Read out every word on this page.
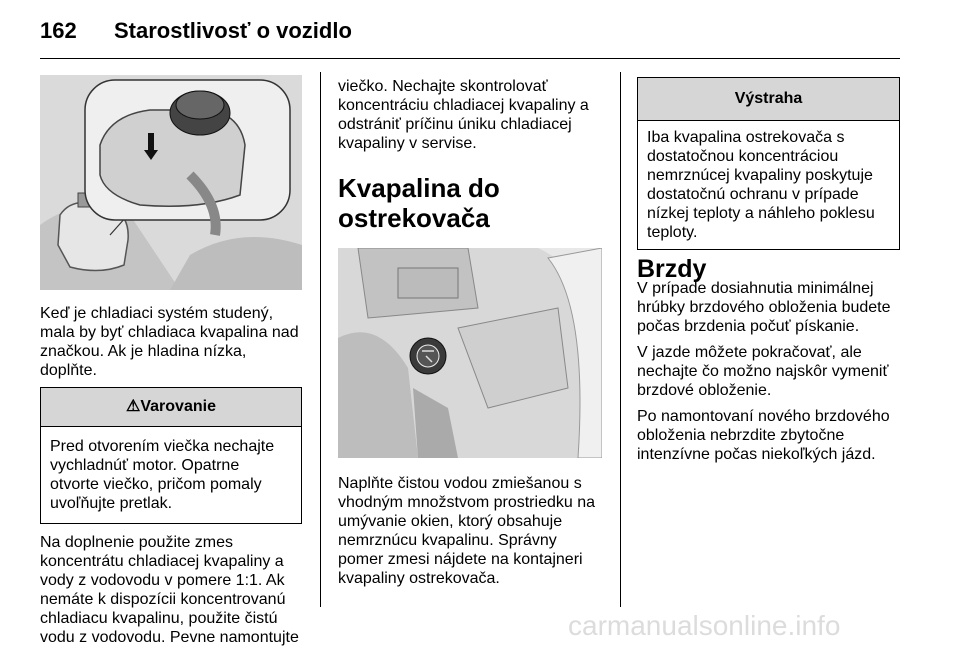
162 Starostlivosť o vozidlo

Keď je chladiaci systém studený, mala by byť chladiaca kvapalina nad značkou. Ak je hladina nízka, doplňte.

⚠Varovanie
Pred otvorením viečka nechajte vychladnúť motor. Opatrne otvorte viečko, pričom pomaly uvoľňujte pretlak.

Na doplnenie použite zmes koncentrátu chladiacej kvapaliny a vody z vodovodu v pomere 1:1. Ak nemáte k dispozícii koncentrovanú chladiacu kvapalinu, použite čistú vodu z vodovodu. Pevne namontujte

viečko. Nechajte skontrolovať koncentráciu chladiacej kvapaliny a odstrániť príčinu úniku chladiacej kvapaliny v servise.

Kvapalina do ostrekovača

Naplňte čistou vodou zmiešanou s vhodným množstvom prostriedku na umývanie okien, ktorý obsahuje nemrznúcu kvapalinu. Správny pomer zmesi nájdete na kontajneri kvapaliny ostrekovača.

Výstraha
Iba kvapalina ostrekovača s dostatočnou koncentráciou nemrznúcej kvapaliny poskytuje dostatočnú ochranu v prípade nízkej teploty a náhleho poklesu teploty.
Brzdy

V prípade dosiahnutia minimálnej hrúbky brzdového obloženia budete počas brzdenia počuť pískanie.

V jazde môžete pokračovať, ale nechajte čo možno najskôr vymeniť brzdové obloženie.

Po namontovaní nového brzdového obloženia nebrzdite zbytočne intenzívne počas niekoľkých jázd.

carmanualsonline.info
